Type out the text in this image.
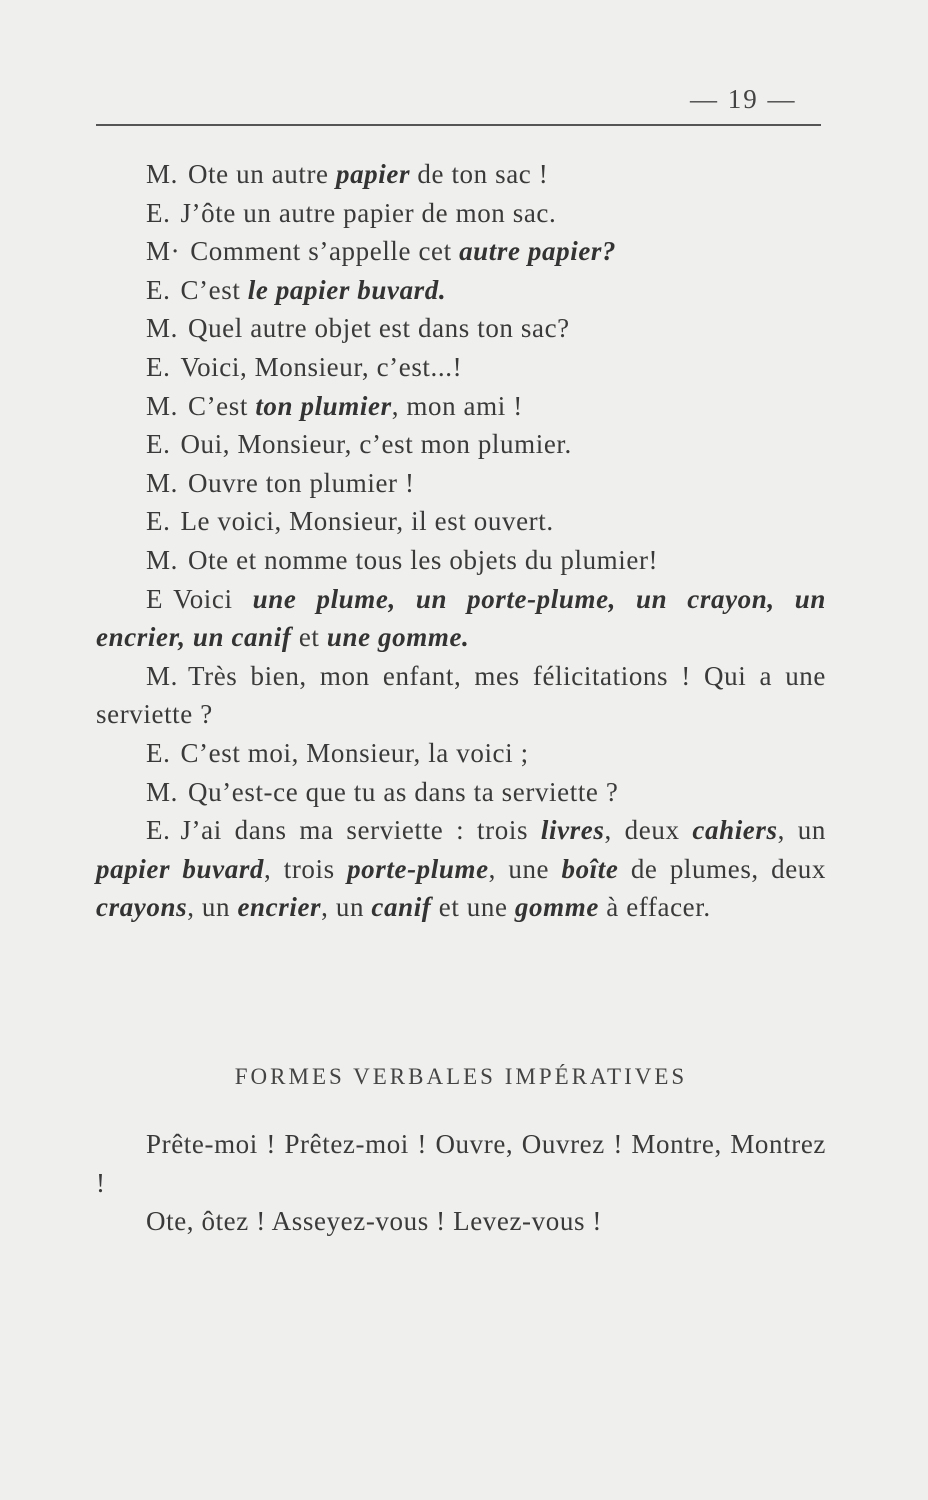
— 19 —

M. Ote un autre papier de ton sac !

E. J’ôte un autre papier de mon sac.

M· Comment s’appelle cet autre papier?

E. C’est le papier buvard.

M. Quel autre objet est dans ton sac?

E. Voici, Monsieur, c’est...!

M. C’est ton plumier, mon ami !

E. Oui, Monsieur, c’est mon plumier.

M. Ouvre ton plumier !

E. Le voici, Monsieur, il est ouvert.

M. Ote et nomme tous les objets du plumier!

E Voici une plume, un porte-plume, un crayon, un encrier, un canif et une gomme.

M. Très bien, mon enfant, mes félicitations ! Qui a une serviette ?

E. C’est moi, Monsieur, la voici ;

M. Qu’est-ce que tu as dans ta serviette ?

E. J’ai dans ma serviette : trois livres, deux cahiers, un papier buvard, trois porte-plume, une boîte de plumes, deux crayons, un encrier, un canif et une gomme à effacer.

FORMES VERBALES IMPÉRATIVES

Prête-moi ! Prêtez-moi ! Ouvre, Ouvrez ! Montre, Montrez !

Ote, ôtez ! Asseyez-vous ! Levez-vous !
